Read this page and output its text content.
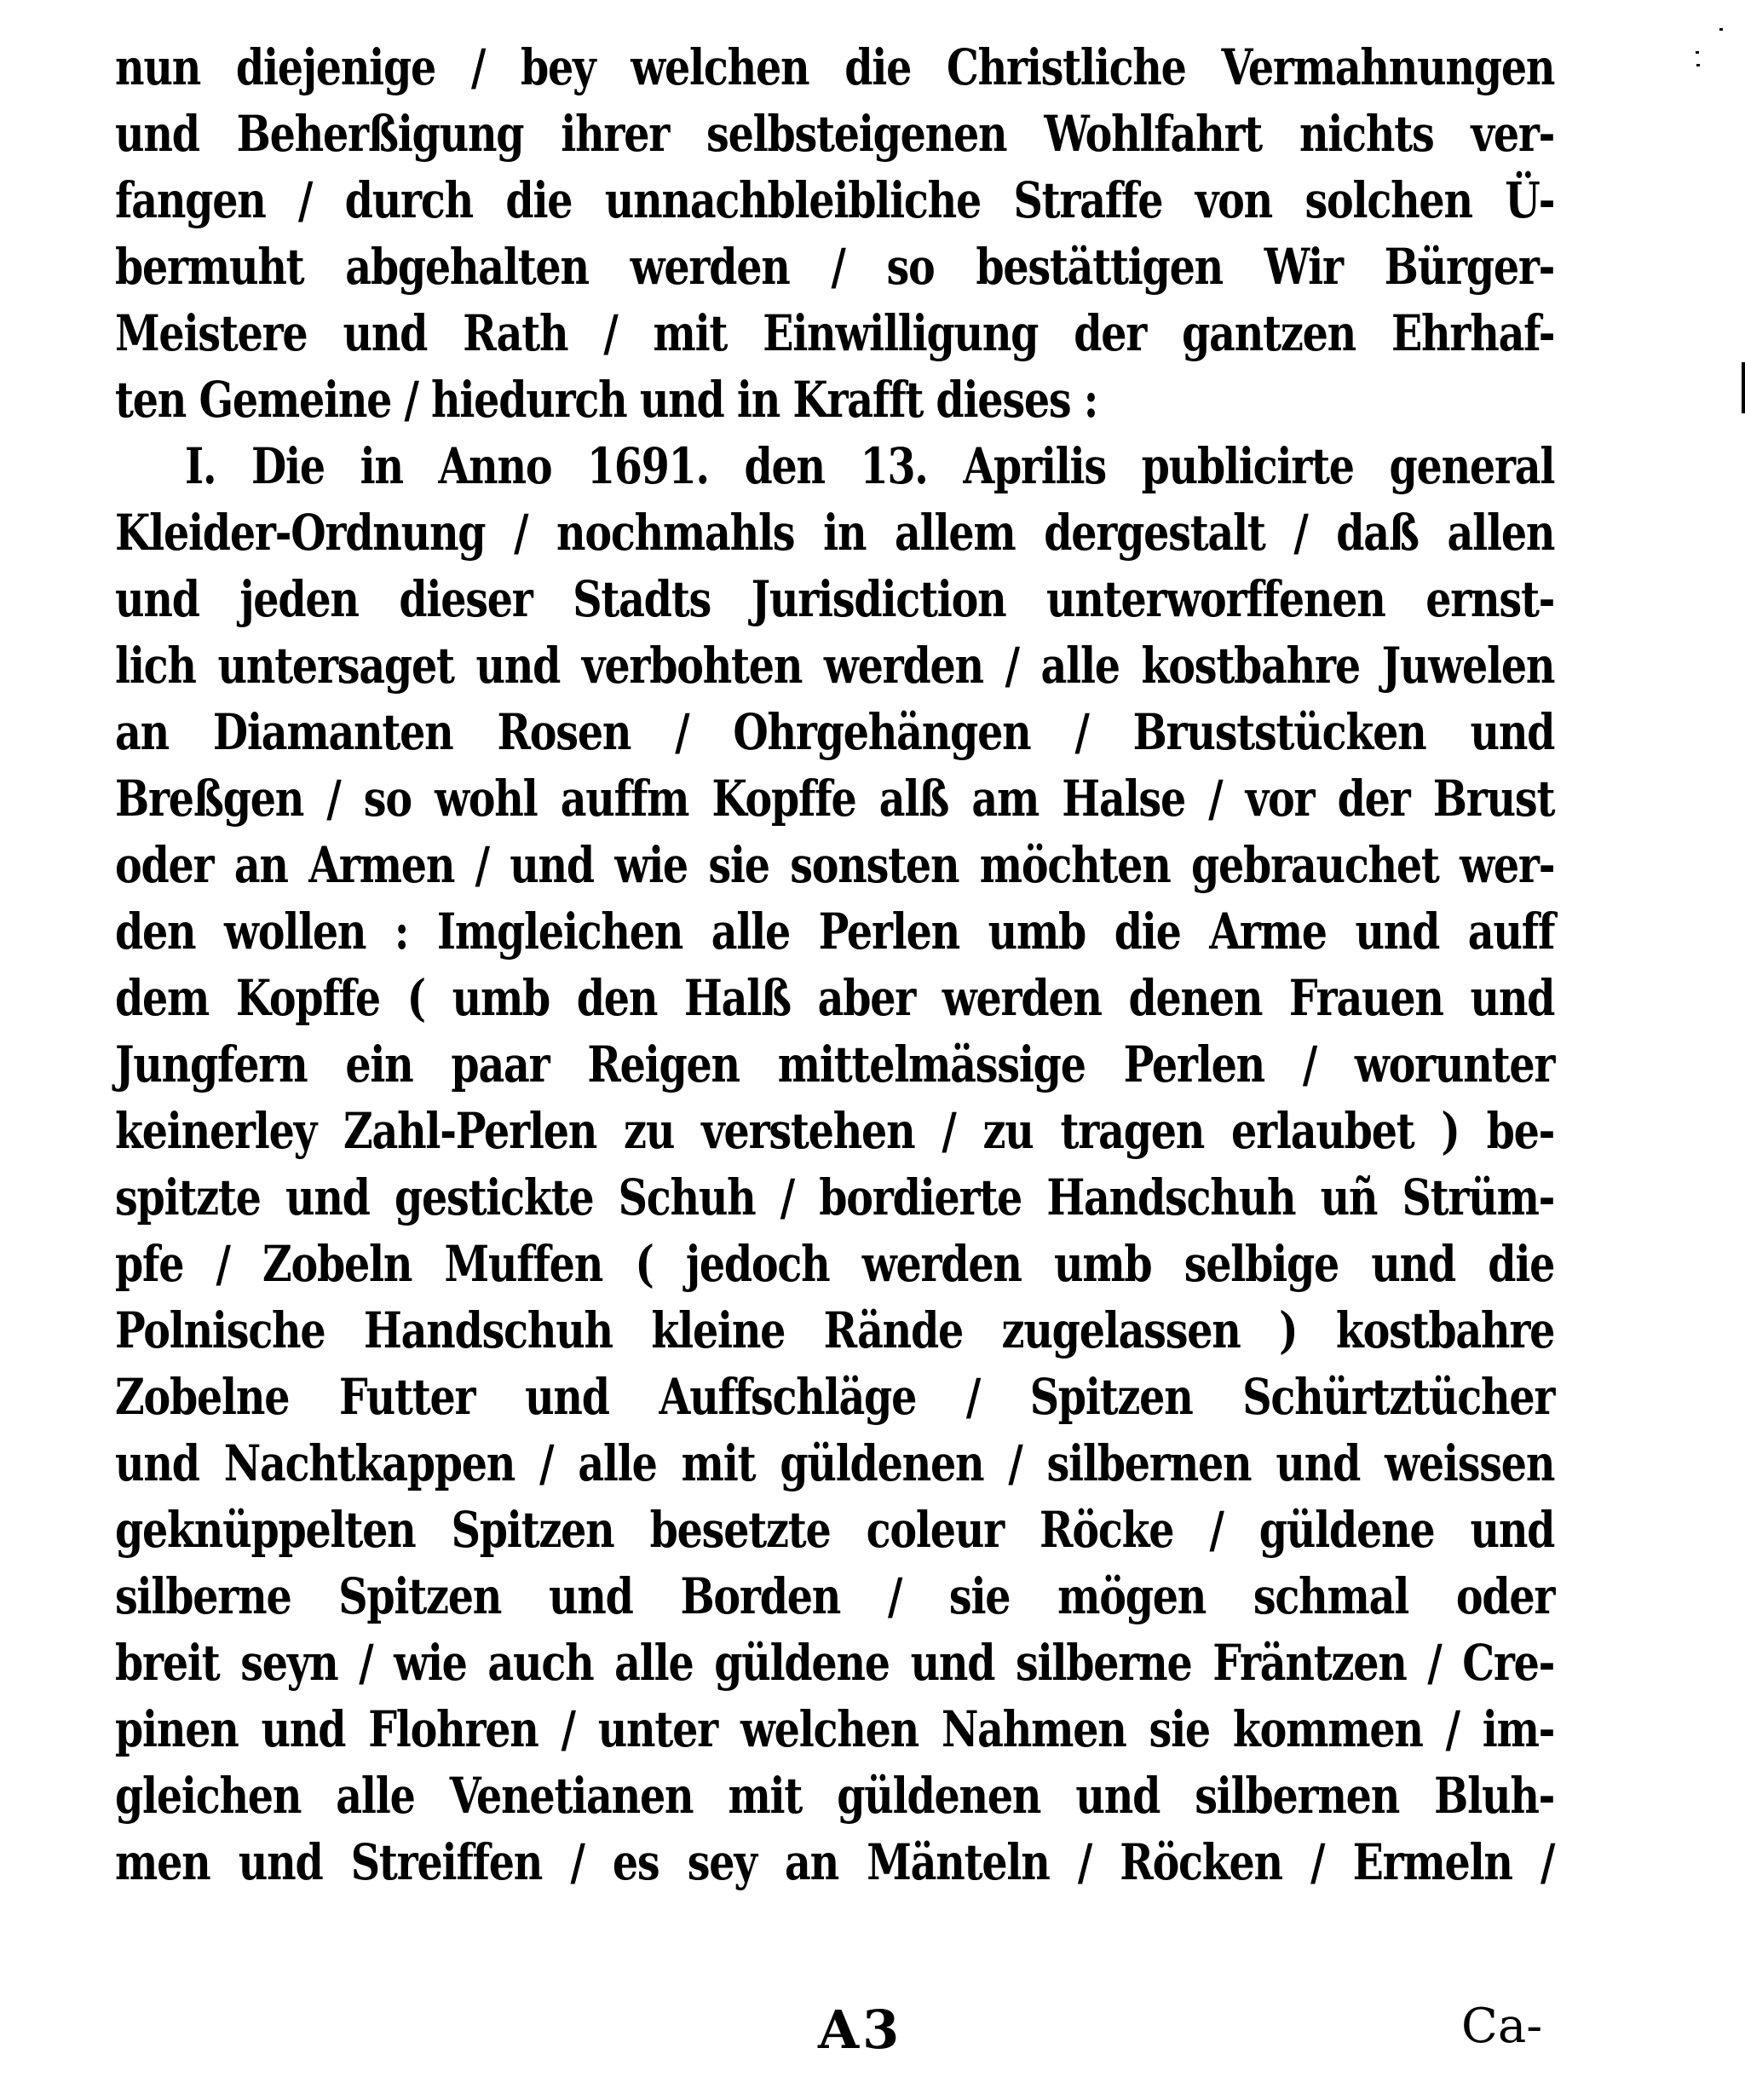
nun diejenige / bey welchen die Christliche Vermahnungen
und Beherßigung ihrer selbsteigenen Wohlfahrt nichts ver-
fangen / durch die unnachbleibliche Straffe von solchen Ü-
bermuht abgehalten werden / so bestättigen Wir Bürger-
Meistere und Rath / mit Einwilligung der gantzen Ehrhaf-
ten Gemeine / hiedurch und in Krafft dieses :
I. Die in Anno 1691. den 13. Aprilis publicirte general
Kleider-Ordnung / nochmahls in allem dergestalt / daß allen
und jeden dieser Stadts Jurisdiction unterworffenen ernst-
lich untersaget und verbohten werden / alle kostbahre Juwelen
an Diamanten Rosen / Ohrgehängen / Bruststücken und
Breßgen / so wohl auffm Kopffe alß am Halse / vor der Brust
oder an Armen / und wie sie sonsten möchten gebrauchet wer-
den wollen : Imgleichen alle Perlen umb die Arme und auff
dem Kopffe ( umb den Halß aber werden denen Frauen und
Jungfern ein paar Reigen mittelmässige Perlen / worunter
keinerley Zahl-Perlen zu verstehen / zu tragen erlaubet ) be-
spitzte und gestickte Schuh / bordierte Handschuh uñ Strüm-
pfe / Zobeln Muffen ( jedoch werden umb selbige und die
Polnische Handschuh kleine Rände zugelassen ) kostbahre
Zobelne Futter und Auffschläge / Spitzen Schürtztücher
und Nachtkappen / alle mit güldenen / silbernen und weissen
geknüppelten Spitzen besetzte coleur Röcke / güldene und
silberne Spitzen und Borden / sie mögen schmal oder
breit seyn / wie auch alle güldene und silberne Fräntzen / Cre-
pinen und Flohren / unter welchen Nahmen sie kommen / im-
gleichen alle Venetianen mit güldenen und silbernen Bluh-
men und Streiffen / es sey an Mänteln / Röcken / Ermeln /
A3	Ca-
